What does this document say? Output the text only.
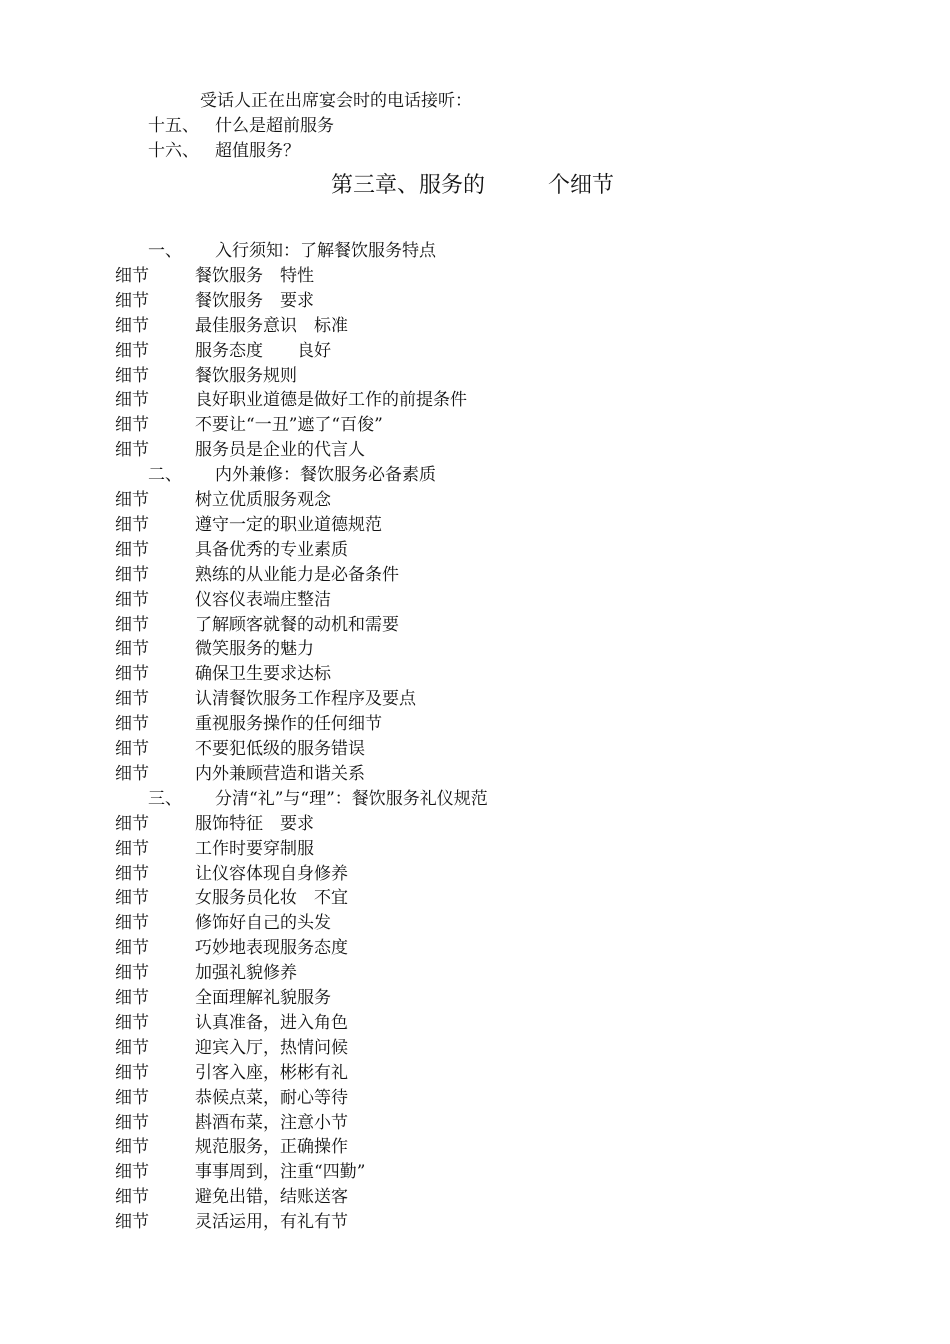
受话人正在出席宴会时的电话接听：
十五、 什么是超前服务
十六、 超值服务？
第三章、服务的	个细节
一、 入行须知：了解餐饮服务特点
细节	餐饮服务　特性
细节	餐饮服务　要求
细节	最佳服务意识　标准
细节	服务态度　　良好
细节	餐饮服务规则
细节	良好职业道德是做好工作的前提条件
细节	不要让“一丑”遮了“百俊”
细节	服务员是企业的代言人
二、 内外兼修：餐饮服务必备素质
细节	树立优质服务观念
细节	遵守一定的职业道德规范
细节	具备优秀的专业素质
细节	熟练的从业能力是必备条件
细节	仪容仪表端庄整洁
细节	了解顾客就餐的动机和需要
细节	微笑服务的魅力
细节	确保卫生要求达标
细节	认清餐饮服务工作程序及要点
细节	重视服务操作的任何细节
细节	不要犯低级的服务错误
细节	内外兼顾营造和谐关系
三、 分清“礼”与“理”：餐饮服务礼仪规范
细节	服饰特征　要求
细节	工作时要穿制服
细节	让仪容体现自身修养
细节	女服务员化妆　不宜
细节	修饰好自己的头发
细节	巧妙地表现服务态度
细节	加强礼貌修养
细节	全面理解礼貌服务
细节	认真准备，进入角色
细节	迎宾入厅，热情问候
细节	引客入座，彬彬有礼
细节	恭候点菜，耐心等待
细节	斟酒布菜，注意小节
细节	规范服务，正确操作
细节	事事周到，注重“四勤”
细节	避免出错，结账送客
细节	灵活运用，有礼有节
